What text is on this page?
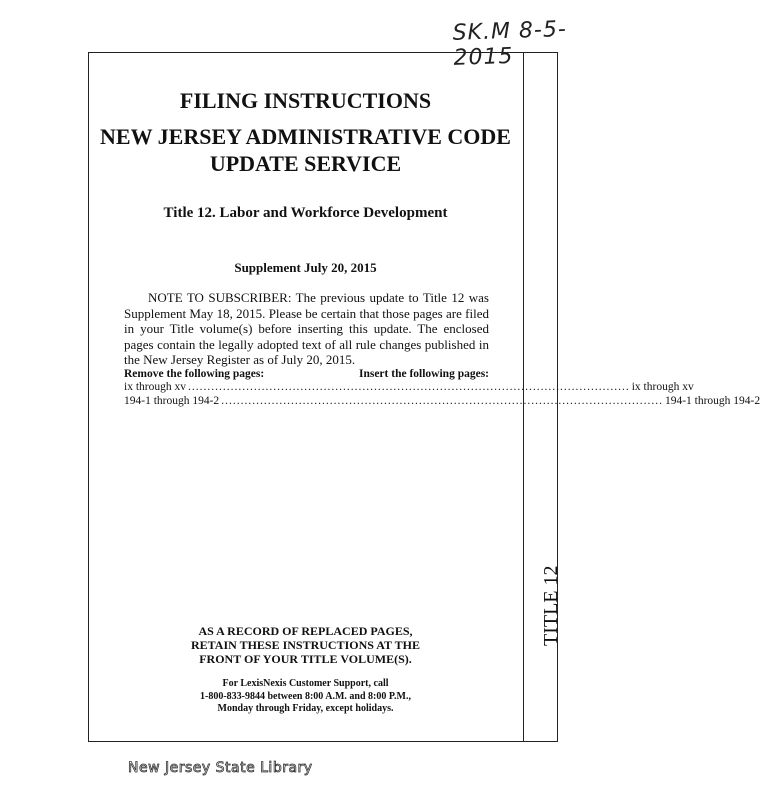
SK.M 8-5-2015
TITLE 12
FILING INSTRUCTIONS
NEW JERSEY ADMINISTRATIVE CODE
UPDATE SERVICE
Title 12. Labor and Workforce Development
Supplement July 20, 2015
NOTE TO SUBSCRIBER: The previous update to Title 12 was Supplement May 18, 2015. Please be certain that those pages are filed in your Title volume(s) before inserting this update. The enclosed pages contain the legally adopted text of all rule changes published in the New Jersey Register as of July 20, 2015.
Remove the following pages:	Insert the following pages:
ix through xv .................................................................................................................. ix through xv
194-1 through 194-2 .................................................................................................................. 194-1 through 194-2
AS A RECORD OF REPLACED PAGES,
RETAIN THESE INSTRUCTIONS AT THE
FRONT OF YOUR TITLE VOLUME(S).
For LexisNexis Customer Support, call
1-800-833-9844 between 8:00 A.M. and 8:00 P.M.,
Monday through Friday, except holidays.
New Jersey State Library
